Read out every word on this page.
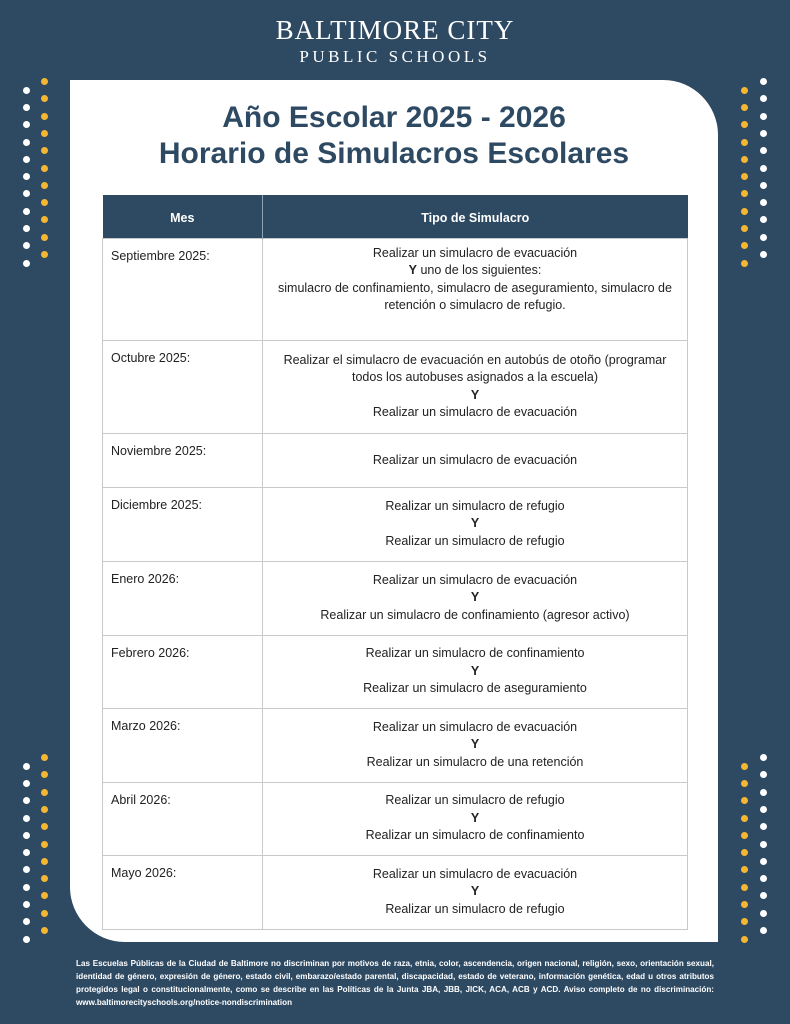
BALTIMORE CITY
PUBLIC SCHOOLS
Año Escolar 2025 - 2026
Horario de Simulacros Escolares
Mes	Tipo de Simulacro
Septiembre 2025:	Realizar un simulacro de evacuación
Y uno de los siguientes:
simulacro de confinamiento, simulacro de aseguramiento, simulacro de retención o simulacro de refugio.

Octubre 2025:	Realizar el simulacro de evacuación en autobús de otoño (programar todos los autobuses asignados a la escuela)
Y
Realizar un simulacro de evacuación

Noviembre 2025:	Realizar un simulacro de evacuación

Diciembre 2025:	Realizar un simulacro de refugio
Y
Realizar un simulacro de refugio

Enero 2026:	Realizar un simulacro de evacuación
Y
Realizar un simulacro de confinamiento (agresor activo)

Febrero 2026:	Realizar un simulacro de confinamiento
Y
Realizar un simulacro de aseguramiento

Marzo 2026:	Realizar un simulacro de evacuación
Y
Realizar un simulacro de una retención

Abril 2026:	Realizar un simulacro de refugio
Y
Realizar un simulacro de confinamiento

Mayo 2026:	Realizar un simulacro de evacuación
Y
Realizar un simulacro de refugio
Las Escuelas Públicas de la Ciudad de Baltimore no discriminan por motivos de raza, etnia, color, ascendencia, origen nacional, religión, sexo, orientación sexual, identidad de género, expresión de género, estado civil, embarazo/estado parental, discapacidad, estado de veterano, información genética, edad u otros atributos protegidos legal o constitucionalmente, como se describe en las Políticas de la Junta JBA, JBB, JICK, ACA, ACB y ACD. Aviso completo de no discriminación: www.baltimorecityschools.org/notice-nondiscrimination
